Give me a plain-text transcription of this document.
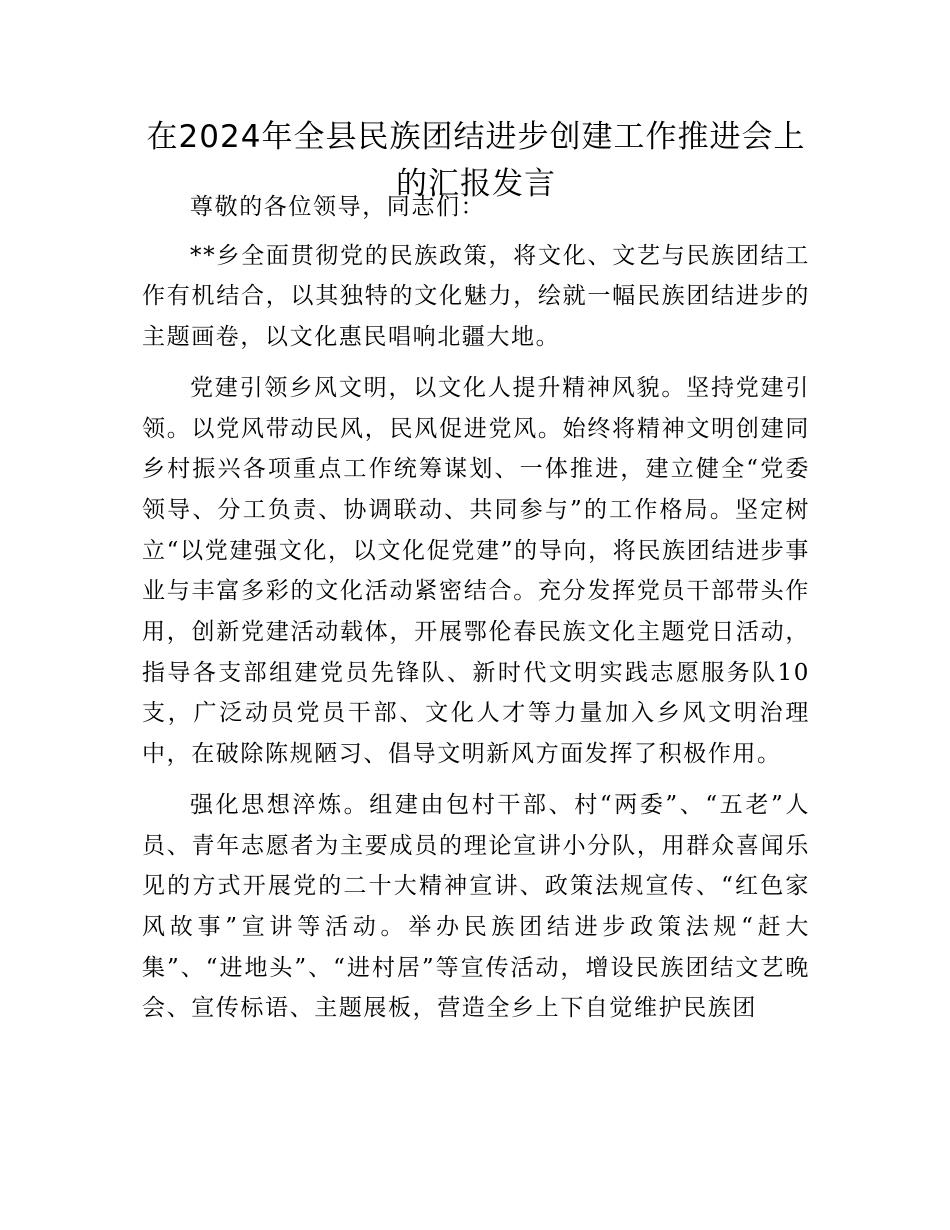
在2024年全县民族团结进步创建工作推进会上的汇报发言

尊敬的各位领导，同志们：

**乡全面贯彻党的民族政策，将文化、文艺与民族团结工作有机结合，以其独特的文化魅力，绘就一幅民族团结进步的主题画卷，以文化惠民唱响北疆大地。

党建引领乡风文明，以文化人提升精神风貌。坚持党建引领。以党风带动民风，民风促进党风。始终将精神文明创建同乡村振兴各项重点工作统筹谋划、一体推进，建立健全“党委领导、分工负责、协调联动、共同参与”的工作格局。坚定树立“以党建强文化，以文化促党建”的导向，将民族团结进步事业与丰富多彩的文化活动紧密结合。充分发挥党员干部带头作用，创新党建活动载体，开展鄂伦春民族文化主题党日活动，指导各支部组建党员先锋队、新时代文明实践志愿服务队10支，广泛动员党员干部、文化人才等力量加入乡风文明治理中，在破除陈规陋习、倡导文明新风方面发挥了积极作用。

强化思想淬炼。组建由包村干部、村“两委”、“五老”人员、青年志愿者为主要成员的理论宣讲小分队，用群众喜闻乐见的方式开展党的二十大精神宣讲、政策法规宣传、“红色家风故事”宣讲等活动。举办民族团结进步政策法规“赶大集”、“进地头”、“进村居”等宣传活动，增设民族团结文艺晚会、宣传标语、主题展板，营造全乡上下自觉维护民族团
